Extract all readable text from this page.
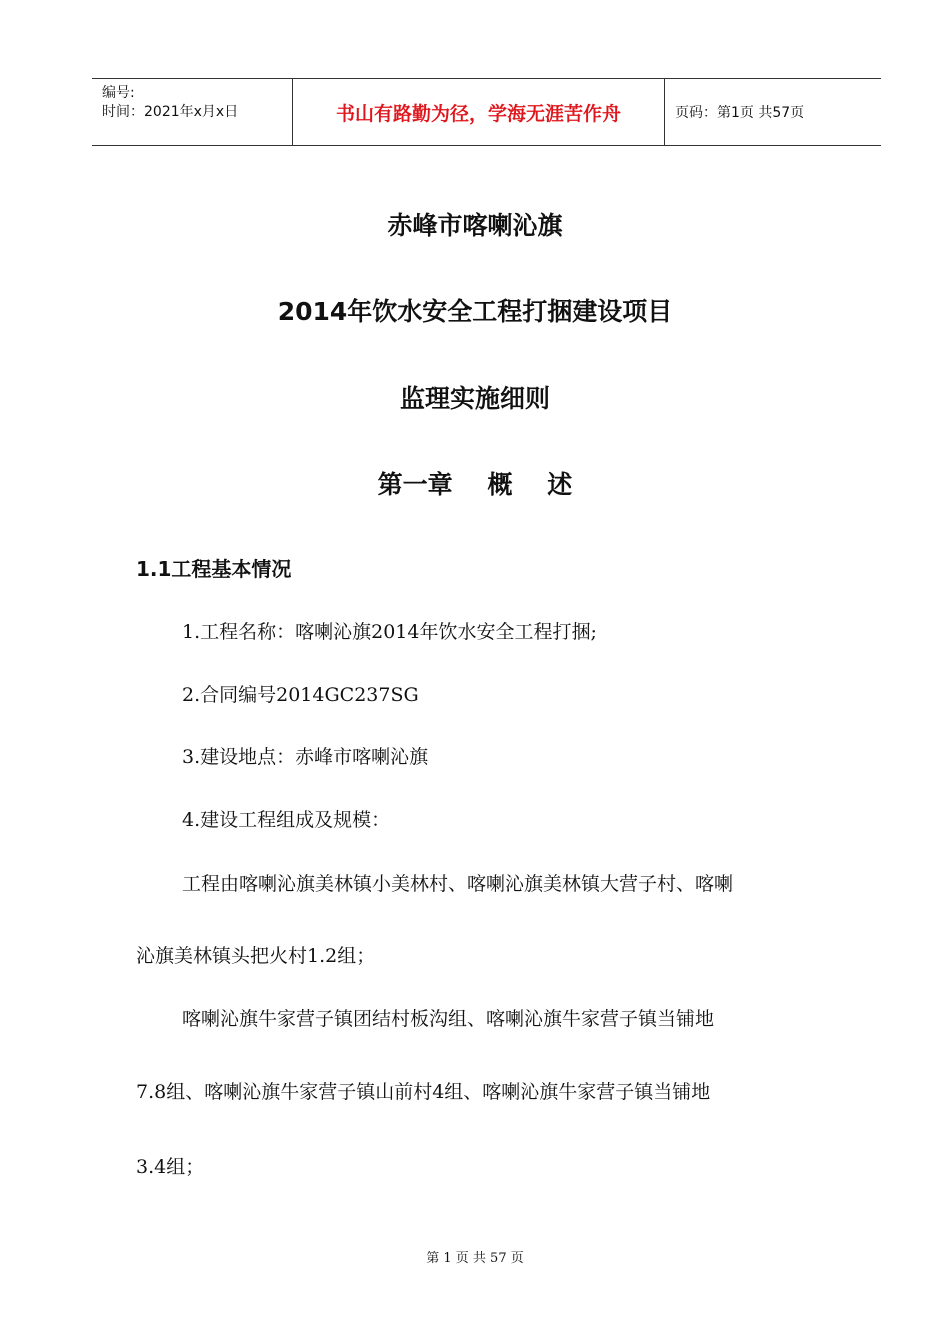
编号:
时间：2021年x月x日	书山有路勤为径，学海无涯苦作舟	页码：第1页 共57页
赤峰市喀喇沁旗
2014年饮水安全工程打捆建设项目
监理实施细则
第一章    概    述
1.1工程基本情况
1.工程名称：喀喇沁旗2014年饮水安全工程打捆;
2.合同编号2014GC237SG
3.建设地点：赤峰市喀喇沁旗
4.建设工程组成及规模：
工程由喀喇沁旗美林镇小美林村、喀喇沁旗美林镇大营子村、喀喇
沁旗美林镇头把火村1.2组；
喀喇沁旗牛家营子镇团结村板沟组、喀喇沁旗牛家营子镇当铺地
7.8组、喀喇沁旗牛家营子镇山前村4组、喀喇沁旗牛家营子镇当铺地
3.4组；
第 1 页 共 57 页
